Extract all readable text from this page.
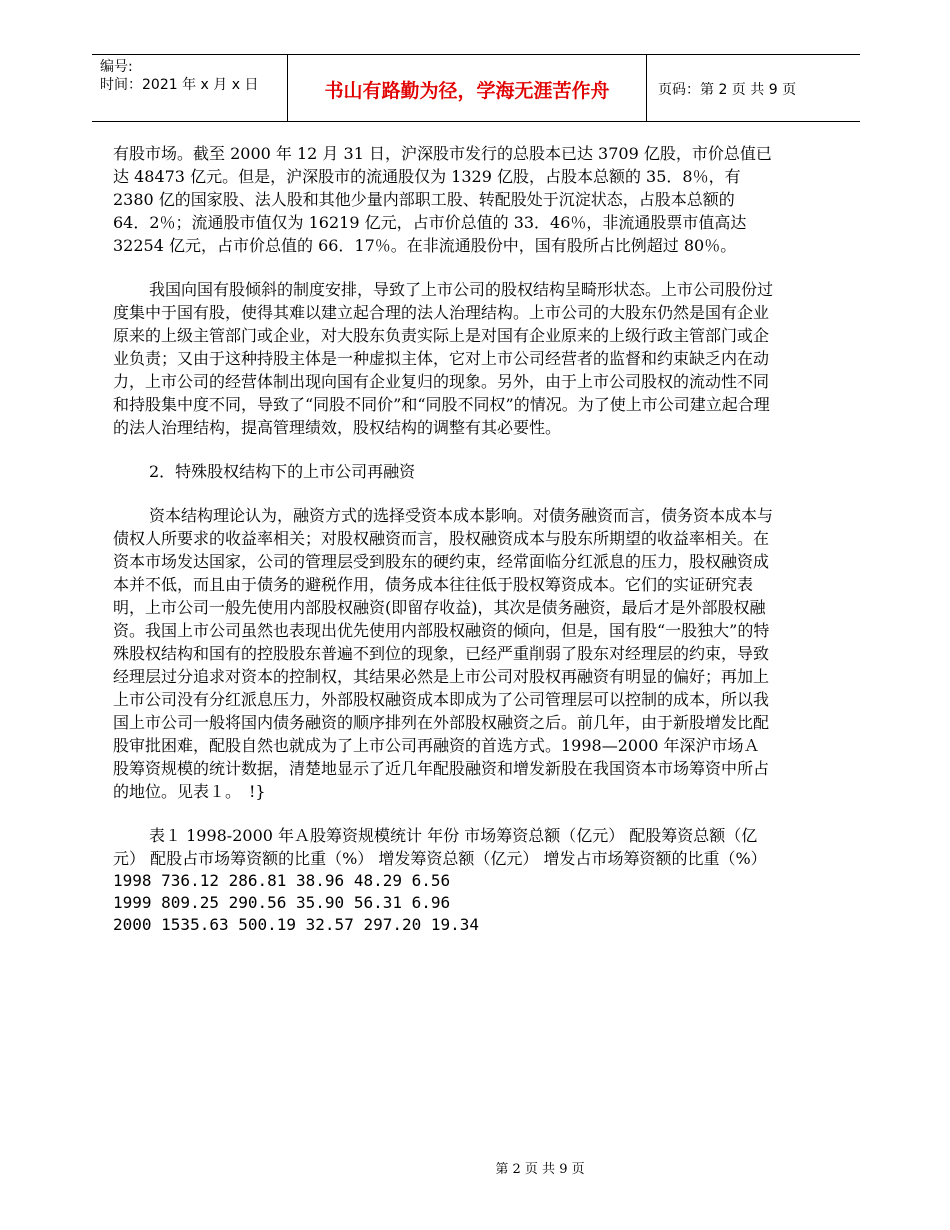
编号:
时间：2021 年 x 月 x 日	书山有路勤为径，学海无涯苦作舟	页码：第 2 页 共 9 页

有股市场。截至 2000 年 12 月 31 日，沪深股市发行的总股本已达 3709 亿股，市价总值已达 48473 亿元。但是，沪深股市的流通股仅为 1329 亿股，占股本总额的 35．8％，有 2380 亿的国家股、法人股和其他少量内部职工股、转配股处于沉淀状态，占股本总额的 64．2％；流通股市值仅为 16219 亿元，占市价总值的 33．46％，非流通股票市值高达 32254 亿元，占市价总值的 66．17％。在非流通股份中，国有股所占比例超过 80％。

我国向国有股倾斜的制度安排，导致了上市公司的股权结构呈畸形状态。上市公司股份过度集中于国有股，使得其难以建立起合理的法人治理结构。上市公司的大股东仍然是国有企业原来的上级主管部门或企业，对大股东负责实际上是对国有企业原来的上级行政主管部门或企业负责；又由于这种持股主体是一种虚拟主体，它对上市公司经营者的监督和约束缺乏内在动力，上市公司的经营体制出现向国有企业复归的现象。另外，由于上市公司股权的流动性不同和持股集中度不同，导致了“同股不同价”和“同股不同权”的情况。为了使上市公司建立起合理的法人治理结构，提高管理绩效，股权结构的调整有其必要性。

2．特殊股权结构下的上市公司再融资

资本结构理论认为，融资方式的选择受资本成本影响。对债务融资而言，债务资本成本与债权人所要求的收益率相关；对股权融资而言，股权融资成本与股东所期望的收益率相关。在资本市场发达国家，公司的管理层受到股东的硬约束，经常面临分红派息的压力，股权融资成本并不低，而且由于债务的避税作用，债务成本往往低于股权筹资成本。它们的实证研究表明，上市公司一般先使用内部股权融资(即留存收益)，其次是债务融资，最后才是外部股权融资。我国上市公司虽然也表现出优先使用内部股权融资的倾向，但是，国有股“一股独大”的特殊股权结构和国有的控股股东普遍不到位的现象，已经严重削弱了股东对经理层的约束，导致经理层过分追求对资本的控制权，其结果必然是上市公司对股权再融资有明显的偏好；再加上上市公司没有分红派息压力，外部股权融资成本即成为了公司管理层可以控制的成本，所以我国上市公司一般将国内债务融资的顺序排列在外部股权融资之后。前几年，由于新股增发比配股审批困难，配股自然也就成为了上市公司再融资的首选方式。1998—2000 年深沪市场Ａ股筹资规模的统计数据，清楚地显示了近几年配股融资和增发新股在我国资本市场筹资中所占的地位。见表１。　!}

表１ 1998-2000 年Ａ股筹资规模统计 年份 市场筹资总额（亿元） 配股筹资总额（亿元） 配股占市场筹资额的比重（%） 增发筹资总额（亿元） 增发占市场筹资额的比重（%）

1998 736.12 286.81 38.96 48.29 6.56
1999 809.25 290.56 35.90 56.31 6.96
2000 1535.63 500.19 32.57 297.20 19.34
第 2 页 共 9 页
